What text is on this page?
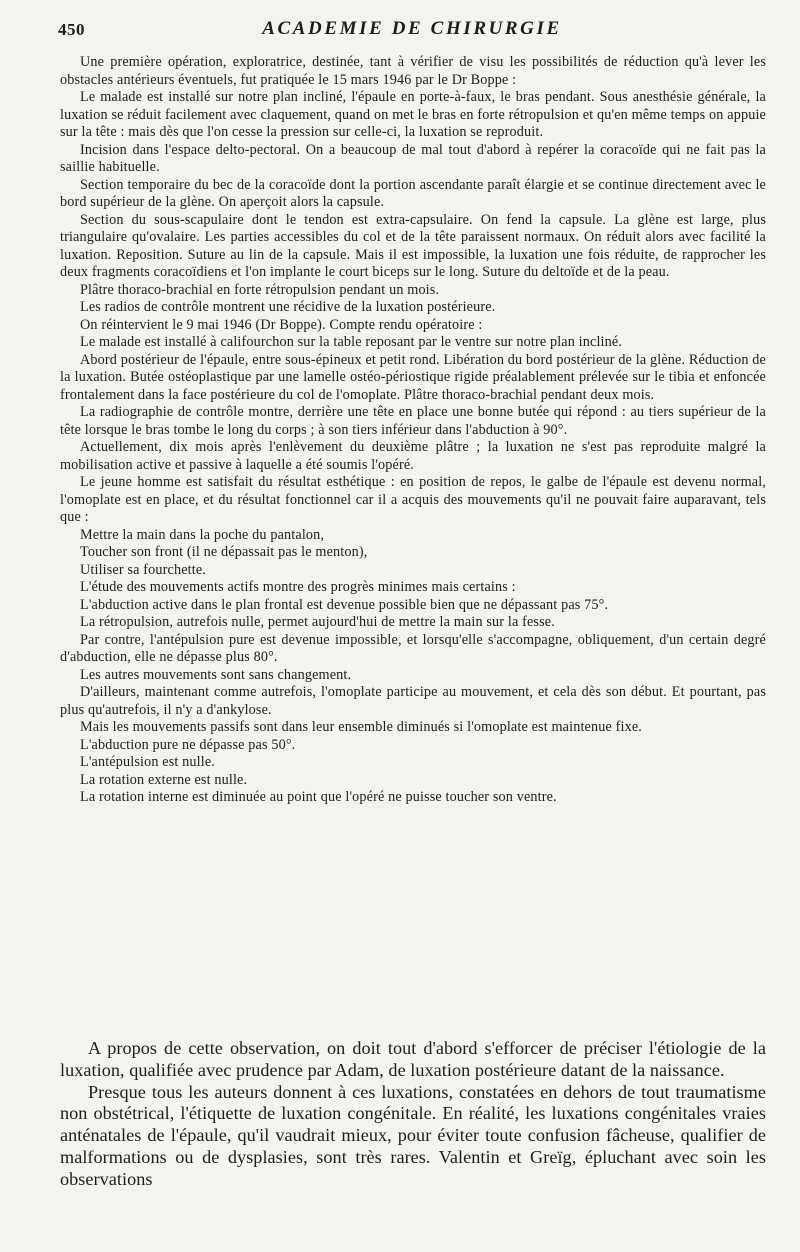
450	ACADEMIE DE CHIRURGIE

Une première opération, exploratrice, destinée, tant à vérifier de visu les possibilités de réduction qu'à lever les obstacles antérieurs éventuels, fut pratiquée le 15 mars 1946 par le Dr Boppe :

Le malade est installé sur notre plan incliné, l'épaule en porte-à-faux, le bras pendant. Sous anesthésie générale, la luxation se réduit facilement avec claquement, quand on met le bras en forte rétropulsion et qu'en même temps on appuie sur la tête : mais dès que l'on cesse la pression sur celle-ci, la luxation se reproduit.

Incision dans l'espace delto-pectoral. On a beaucoup de mal tout d'abord à repérer la coracoïde qui ne fait pas la saillie habituelle.

Section temporaire du bec de la coracoïde dont la portion ascendante paraît élargie et se continue directement avec le bord supérieur de la glène. On aperçoit alors la capsule.

Section du sous-scapulaire dont le tendon est extra-capsulaire. On fend la capsule. La glène est large, plus triangulaire qu'ovalaire. Les parties accessibles du col et de la tête paraissent normaux. On réduit alors avec facilité la luxation. Reposition. Suture au lin de la capsule. Mais il est impossible, la luxation une fois réduite, de rapprocher les deux fragments coracoïdiens et l'on implante le court biceps sur le long. Suture du deltoïde et de la peau.

Plâtre thoraco-brachial en forte rétropulsion pendant un mois.

Les radios de contrôle montrent une récidive de la luxation postérieure.

On réintervient le 9 mai 1946 (Dr Boppe). Compte rendu opératoire :

Le malade est installé à califourchon sur la table reposant par le ventre sur notre plan incliné.

Abord postérieur de l'épaule, entre sous-épineux et petit rond. Libération du bord postérieur de la glène. Réduction de la luxation. Butée ostéoplastique par une lamelle ostéo-périostique rigide préalablement prélevée sur le tibia et enfoncée frontalement dans la face postérieure du col de l'omoplate. Plâtre thoraco-brachial pendant deux mois.

La radiographie de contrôle montre, derrière une tête en place une bonne butée qui répond : au tiers supérieur de la tête lorsque le bras tombe le long du corps ; à son tiers inférieur dans l'abduction à 90°.

Actuellement, dix mois après l'enlèvement du deuxième plâtre ; la luxation ne s'est pas reproduite malgré la mobilisation active et passive à laquelle a été soumis l'opéré.

Le jeune homme est satisfait du résultat esthétique : en position de repos, le galbe de l'épaule est devenu normal, l'omoplate est en place, et du résultat fonctionnel car il a acquis des mouvements qu'il ne pouvait faire auparavant, tels que :

Mettre la main dans la poche du pantalon,

Toucher son front (il ne dépassait pas le menton),

Utiliser sa fourchette.

L'étude des mouvements actifs montre des progrès minimes mais certains :

L'abduction active dans le plan frontal est devenue possible bien que ne dépassant pas 75°.

La rétropulsion, autrefois nulle, permet aujourd'hui de mettre la main sur la fesse.

Par contre, l'antépulsion pure est devenue impossible, et lorsqu'elle s'accompagne, obliquement, d'un certain degré d'abduction, elle ne dépasse plus 80°.

Les autres mouvements sont sans changement.

D'ailleurs, maintenant comme autrefois, l'omoplate participe au mouvement, et cela dès son début. Et pourtant, pas plus qu'autrefois, il n'y a d'ankylose.

Mais les mouvements passifs sont dans leur ensemble diminués si l'omoplate est maintenue fixe.

L'abduction pure ne dépasse pas 50°.

L'antépulsion est nulle.

La rotation externe est nulle.

La rotation interne est diminuée au point que l'opéré ne puisse toucher son ventre.

A propos de cette observation, on doit tout d'abord s'efforcer de préciser l'étiologie de la luxation, qualifiée avec prudence par Adam, de luxation postérieure datant de la naissance.

Presque tous les auteurs donnent à ces luxations, constatées en dehors de tout traumatisme non obstétrical, l'étiquette de luxation congénitale. En réalité, les luxations congénitales vraies anténatales de l'épaule, qu'il vaudrait mieux, pour éviter toute confusion fâcheuse, qualifier de malformations ou de dysplasies, sont très rares. Valentin et Greïg, épluchant avec soin les observations
